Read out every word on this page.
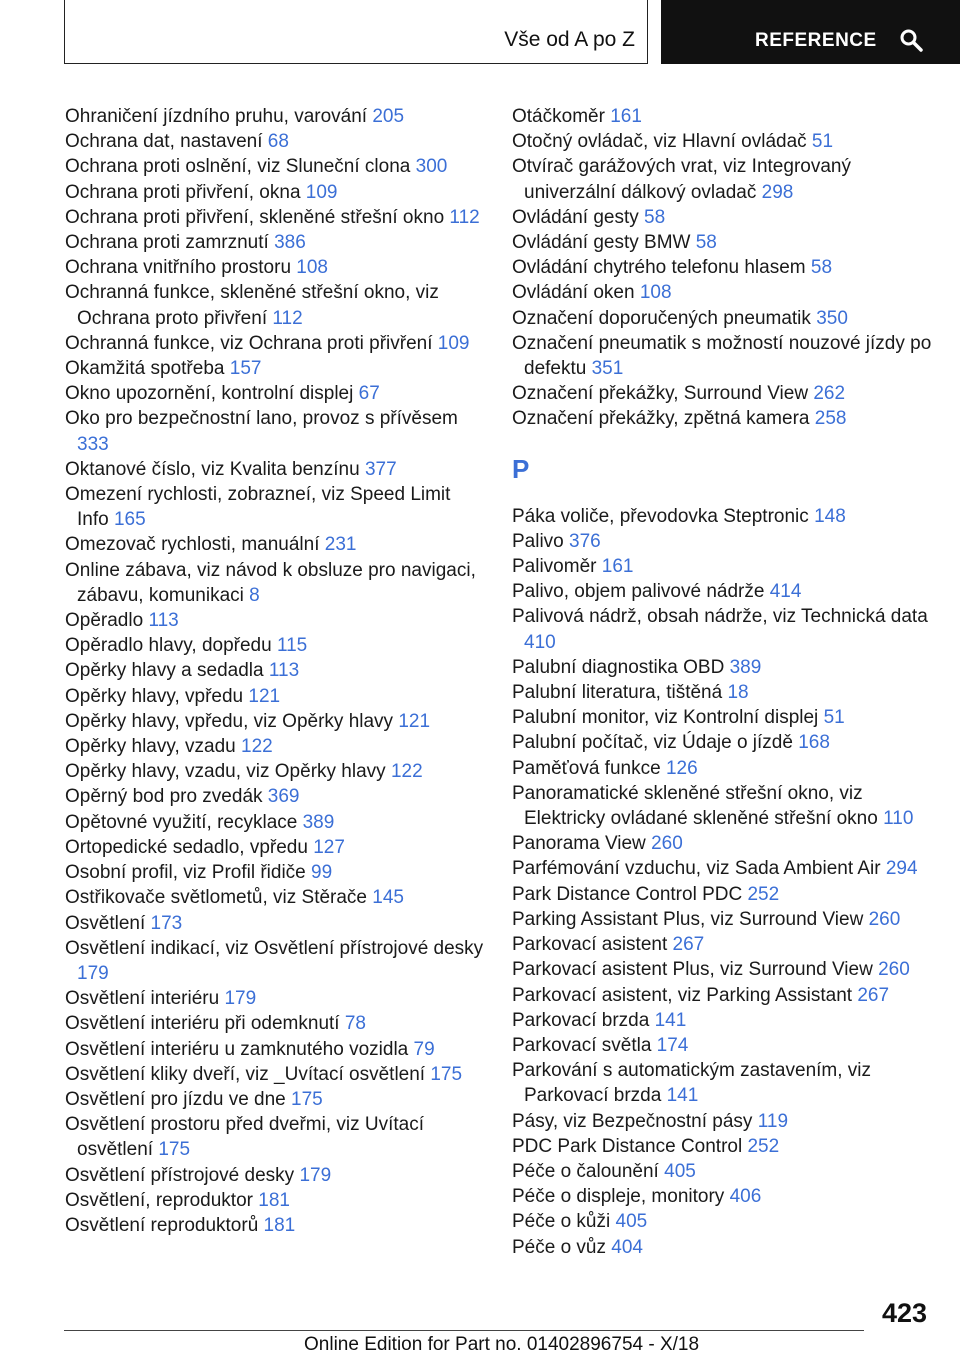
Vše od A po Z	REFERENCE

Ohraničení jízdního pruhu, varování 205

Ochrana dat, nastavení 68

Ochrana proti oslnění, viz Sluneční clona 300

Ochrana proti přivření, okna 109

Ochrana proti přivření, skleněné střešní okno 112

Ochrana proti zamrznutí 386

Ochrana vnitřního prostoru 108

Ochranná funkce, skleněné střešní okno, viz Ochrana proto přivření 112

Ochranná funkce, viz Ochrana proti přivření 109

Okamžitá spotřeba 157

Okno upozornění, kontrolní displej 67

Oko pro bezpečnostní lano, provoz s přívěsem 333

Oktanové číslo, viz Kvalita benzínu 377

Omezení rychlosti, zobrazneí, viz Speed Limit Info 165

Omezovač rychlosti, manuální 231

Online zábava, viz návod k obsluze pro navigaci, zábavu, komunikaci 8

Opěradlo 113

Opěradlo hlavy, dopředu 115

Opěrky hlavy a sedadla 113

Opěrky hlavy, vpředu 121

Opěrky hlavy, vpředu, viz Opěrky hlavy 121

Opěrky hlavy, vzadu 122

Opěrky hlavy, vzadu, viz Opěrky hlavy 122

Opěrný bod pro zvedák 369

Opětovné využití, recyklace 389

Ortopedické sedadlo, vpředu 127

Osobní profil, viz Profil řidiče 99

Ostřikovače světlometů, viz Stěrače 145

Osvětlení 173

Osvětlení indikací, viz Osvětlení přístrojové desky 179

Osvětlení interiéru 179

Osvětlení interiéru při odemknutí 78

Osvětlení interiéru u zamknutého vozidla 79

Osvětlení kliky dveří, viz _Uvítací osvětlení 175

Osvětlení pro jízdu ve dne 175

Osvětlení prostoru před dveřmi, viz Uvítací osvětlení 175

Osvětlení přístrojové desky 179

Osvětlení, reproduktor 181

Osvětlení reproduktorů 181

Otáčkoměr 161

Otočný ovládač, viz Hlavní ovládač 51

Otvírač garážových vrat, viz Integrovaný univerzální dálkový ovladač 298

Ovládání gesty 58

Ovládání gesty BMW 58

Ovládání chytrého telefonu hlasem 58

Ovládání oken 108

Označení doporučených pneumatik 350

Označení pneumatik s možností nouzové jízdy po defektu 351

Označení překážky, Surround View 262

Označení překážky, zpětná kamera 258

P

Páka voliče, převodovka Steptronic 148

Palivo 376

Palivoměr 161

Palivo, objem palivové nádrže 414

Palivová nádrž, obsah nádrže, viz Technická data 410

Palubní diagnostika OBD 389

Palubní literatura, tištěná 18

Palubní monitor, viz Kontrolní displej 51

Palubní počítač, viz Údaje o jízdě 168

Paměťová funkce 126

Panoramatické skleněné střešní okno, viz Elektricky ovládané skleněné střešní okno 110

Panorama View 260

Parfémování vzduchu, viz Sada Ambient Air 294

Park Distance Control PDC 252

Parking Assistant Plus, viz Surround View 260

Parkovací asistent 267

Parkovací asistent Plus, viz Surround View 260

Parkovací asistent, viz Parking Assistant 267

Parkovací brzda 141

Parkovací světla 174

Parkování s automatickým zastavením, viz Parkovací brzda 141

Pásy, viz Bezpečnostní pásy 119

PDC Park Distance Control 252

Péče o čalounění 405

Péče o displeje, monitory 406

Péče o kůži 405

Péče o vůz 404

423
Online Edition for Part no. 01402896754 - X/18
